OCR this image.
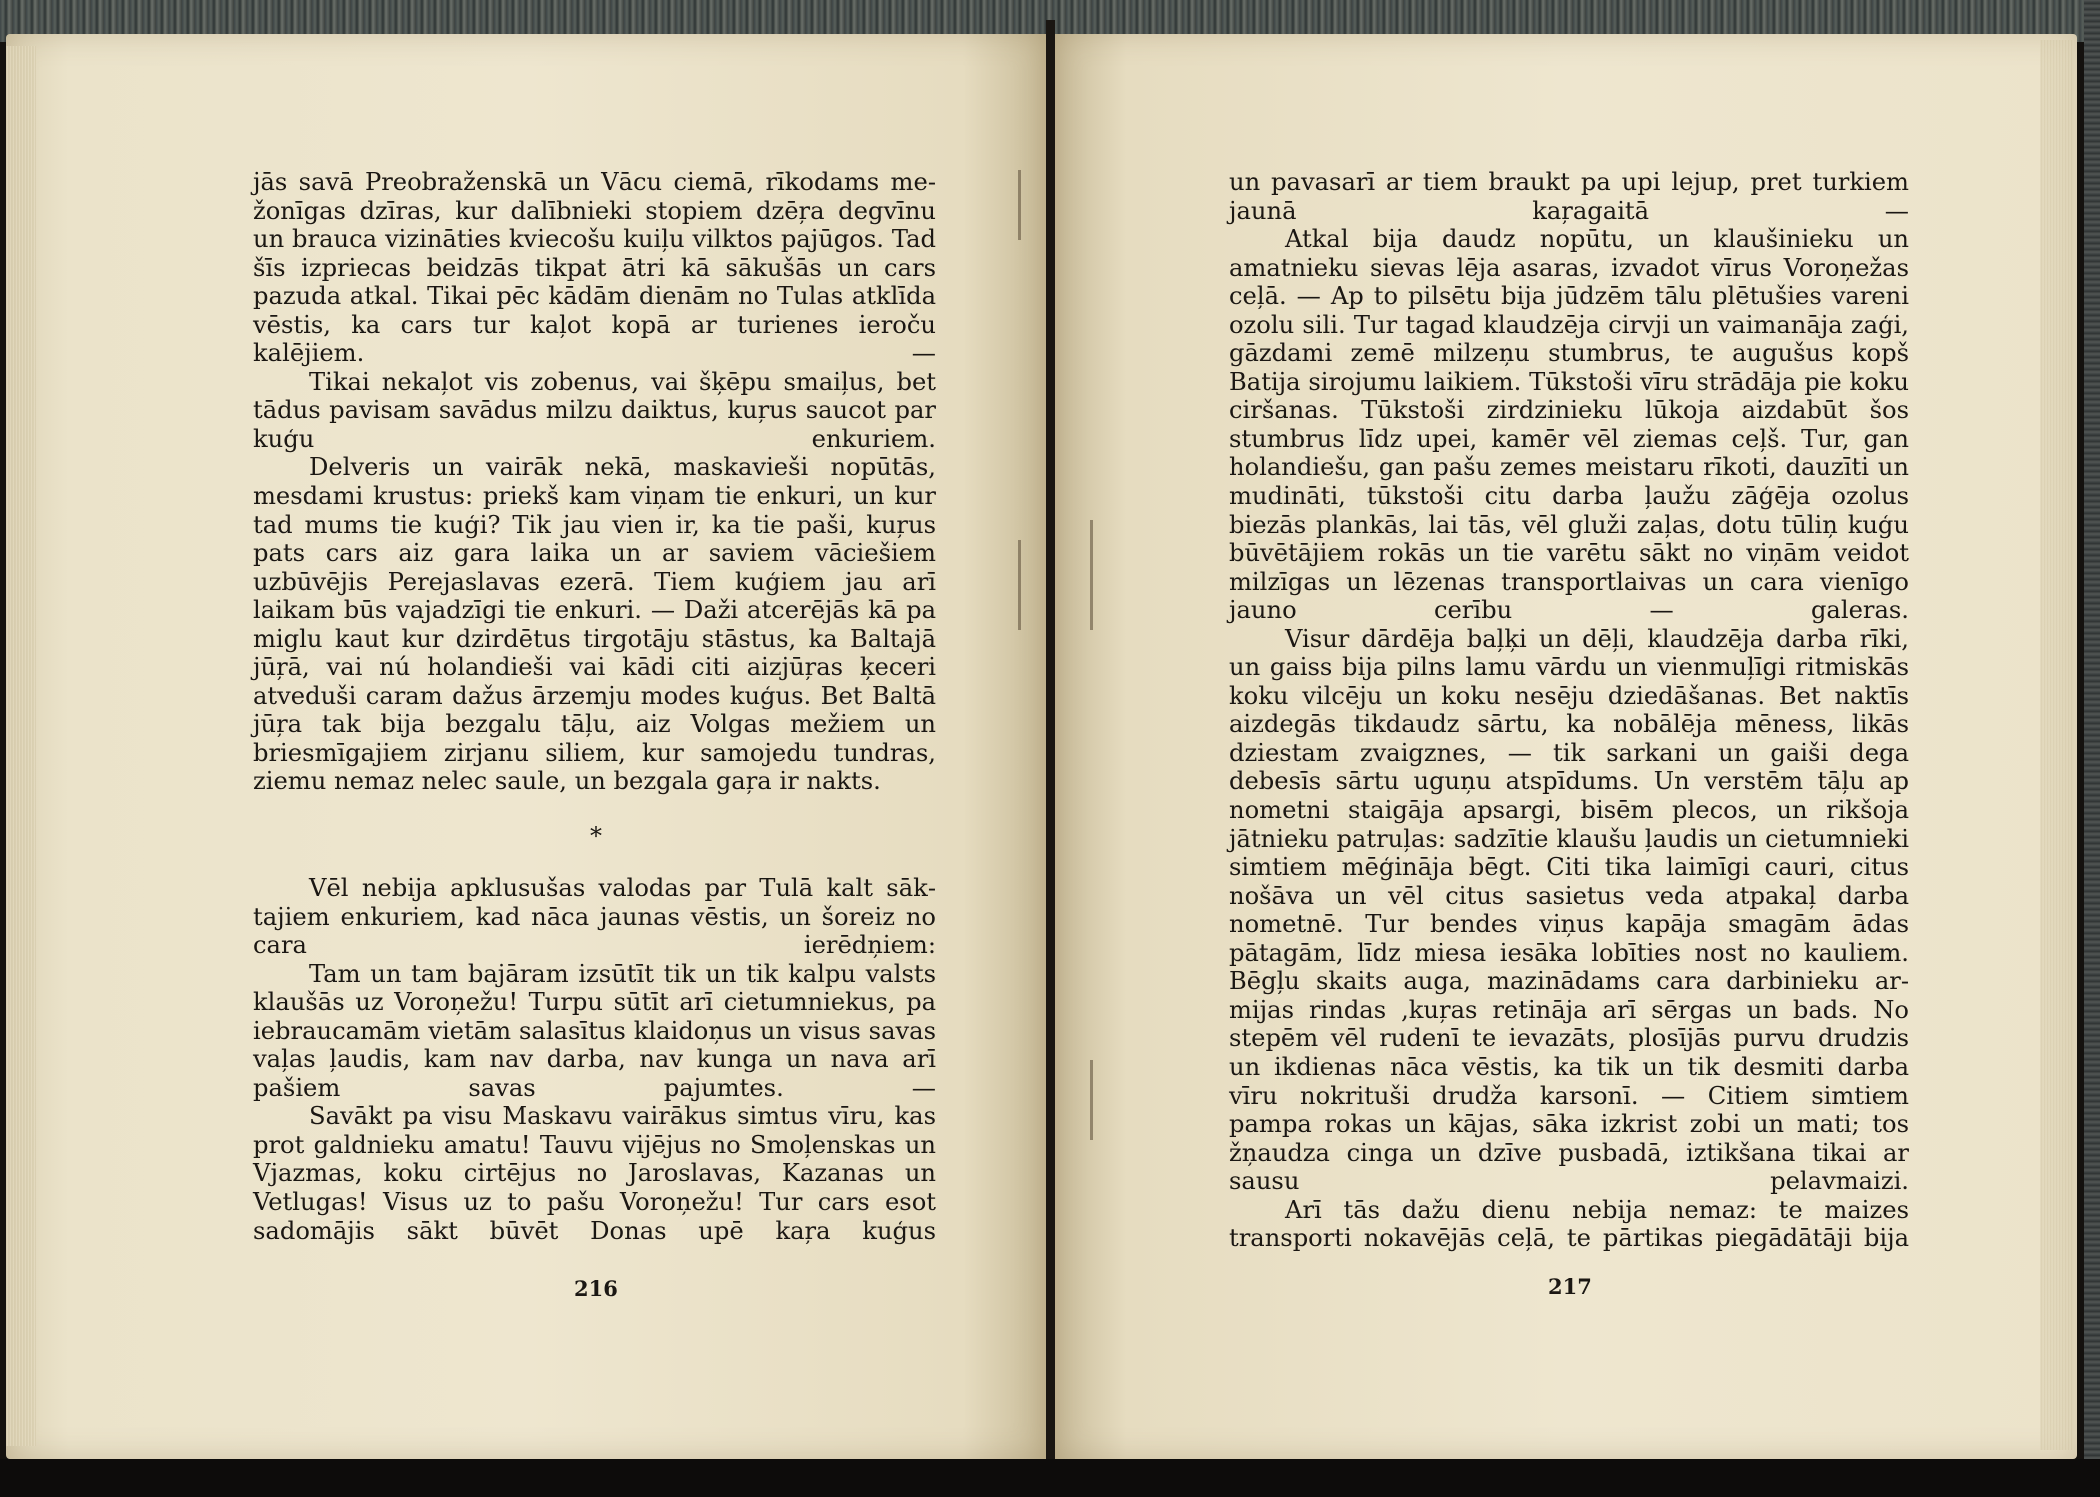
jās savā Preobraženskā un Vācu ciemā, rīkodams mežonīgas dzīras, kur dalībnieki stopiem dzēŗa degvīnu un brauca vizināties kviecošu kuiļu vilktos pajūgos. Tad šīs izpriecas beidzās tikpat ātri kā sākušās un cars pazuda atkal. Tikai pēc kādām dienām no Tulas atklīda vēstis, ka cars tur kaļot kopā ar turienes ieroču kalējiem. —

Tikai nekaļot vis zobenus, vai šķēpu smaiļus, bet tādus pavisam savādus milzu daiktus, kuŗus saucot par kuģu enkuriem.

Delveris un vairāk nekā, maskavieši nopūtās, mesdami krustus: priekš kam viņam tie enkuri, un kur tad mums tie kuģi? Tik jau vien ir, ka tie paši, kuŗus pats cars aiz gara laika un ar saviem vāciešiem uzbūvējis Perejaslavas ezerā. Tiem kuģiem jau arī laikam būs vajadzīgi tie enkuri. — Daži atcerējās kā pa miglu kaut kur dzirdētus tirgotāju stāstus, ka Baltajā jūŗā, vai nú holandieši vai kādi citi aizjūŗas ķeceri atveduši caram dažus ārzemju modes kuģus. Bet Baltā jūŗa tak bija bezgalu tāļu, aiz Volgas mežiem un briesmīgajiem zirjanu siliem, kur samojedu tundras, ziemu nemaz nelec saule, un bezgala gaŗa ir nakts.

*

Vēl nebija apklusušas valodas par Tulā kalt sāktajiem enkuriem, kad nāca jaunas vēstis, un šoreiz no cara ierēdņiem:

Tam un tam bajāram izsūtīt tik un tik kalpu valsts klaušās uz Voroņežu! Turpu sūtīt arī cietumniekus, pa iebraucamām vietām salasītus klaidoņus un visus savas vaļas ļaudis, kam nav darba, nav kunga un nava arī pašiem savas pajumtes. —

Savākt pa visu Maskavu vairākus simtus vīru, kas prot galdnieku amatu! Tauvu vijējus no Smoļenskas un Vjazmas, koku cirtējus no Jaroslavas, Kazanas un Vetlugas! Visus uz to pašu Voroņežu! Tur cars esot sadomājis sākt būvēt Donas upē kaŗa kuģus

216

un pavasarī ar tiem braukt pa upi lejup, pret turkiem jaunā kaŗagaitā —

Atkal bija daudz nopūtu, un klaušinieku un amatnieku sievas lēja asaras, izvadot vīrus Voroņežas ceļā. — Ap to pilsētu bija jūdzēm tālu plētušies vareni ozolu sili. Tur tagad klaudzēja cirvji un vaimanāja zaģi, gāzdami zemē milzeņu stumbrus, te augušus kopš Batija sirojumu laikiem. Tūkstoši vīru strādāja pie koku ciršanas. Tūkstoši zirdzinieku lūkoja aizdabūt šos stumbrus līdz upei, kamēr vēl ziemas ceļš. Tur, gan holandiešu, gan pašu zemes meistaru rīkoti, dauzīti un mudināti, tūkstoši citu darba ļaužu zāģēja ozolus biezās plankās, lai tās, vēl gluži zaļas, dotu tūliņ kuģu būvētājiem rokās un tie varētu sākt no viņām veidot milzīgas un lēzenas transportlaivas un cara vienīgo jauno cerību — galeras.

Visur dārdēja baļķi un dēļi, klaudzēja darba rīki, un gaiss bija pilns lamu vārdu un vienmuļīgi ritmiskās koku vilcēju un koku nesēju dziedāšanas. Bet naktīs aizdegās tikdaudz sārtu, ka nobālēja mēness, likās dziestam zvaigznes, — tik sarkani un gaiši dega debesīs sārtu uguņu atspīdums. Un verstēm tāļu ap nometni staigāja apsargi, bisēm plecos, un rikšoja jātnieku patruļas: sadzītie klaušu ļaudis un cietumnieki simtiem mēģināja bēgt. Citi tika laimīgi cauri, citus nošāva un vēl citus sasietus veda atpakaļ darba nometnē. Tur bendes viņus kapāja smagām ādas pātagām, līdz miesa iesāka lobīties nost no kauliem. Bēgļu skaits auga, mazinādams cara darbinieku armijas rindas ,kuŗas retināja arī sērgas un bads. No stepēm vēl rudenī te ievazāts, plosījās purvu drudzis un ikdienas nāca vēstis, ka tik un tik desmiti darba vīru nokrituši drudža karsonī. — Citiem simtiem pampa rokas un kājas, sāka izkrist zobi un mati; tos žņaudza cinga un dzīve pusbadā, iztikšana tikai ar sausu pelavmaizi.

Arī tās dažu dienu nebija nemaz: te maizes transporti nokavējās ceļā, te pārtikas piegādātāji bija

217
